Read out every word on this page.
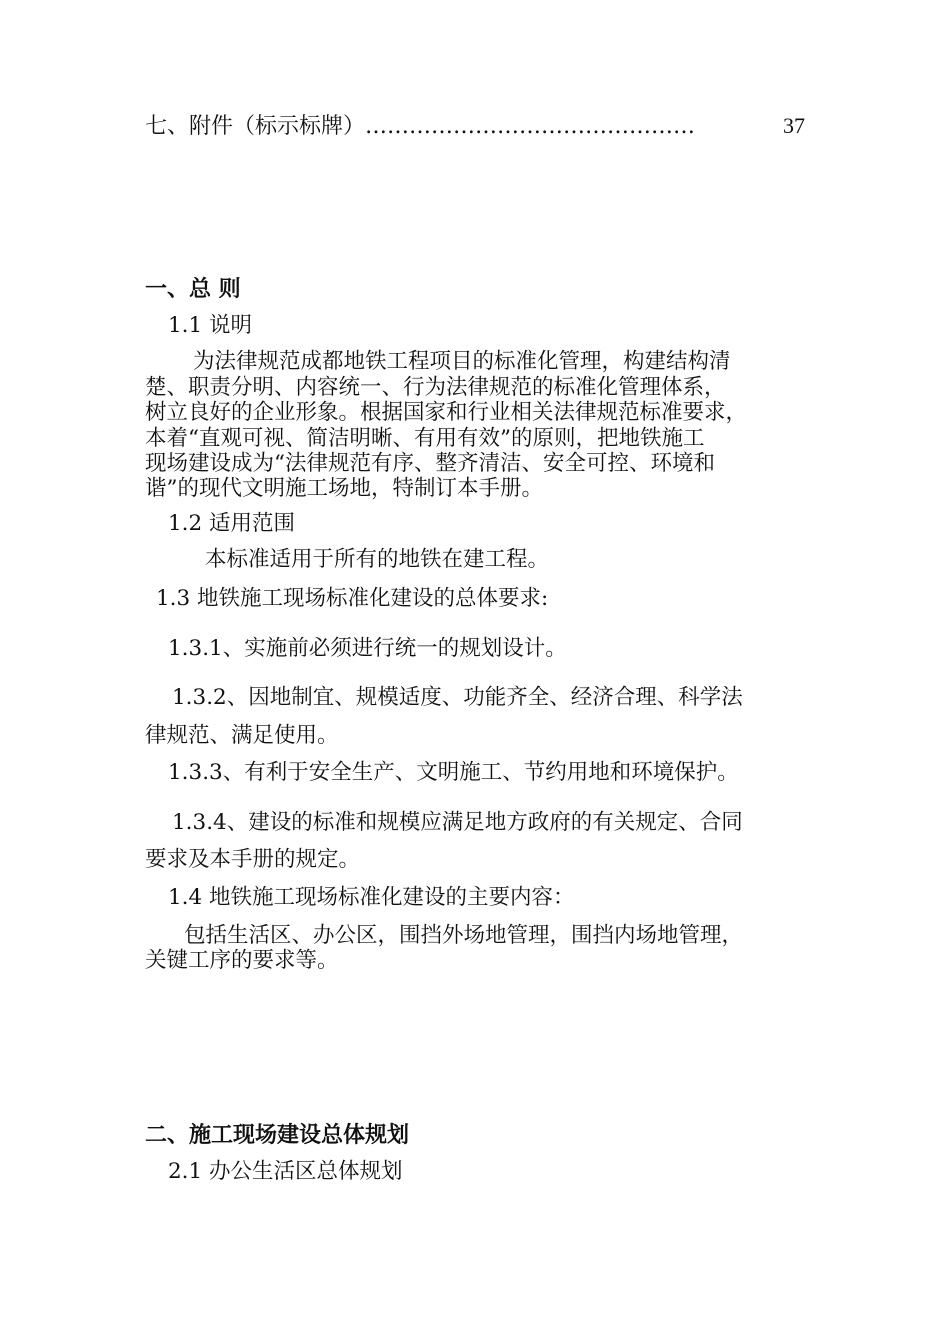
七、附件（标示标牌） ………………………………………	37
一、总 则
1.1 说明
为法律规范成都地铁工程项目的标准化管理，构建结构清
楚、职责分明、内容统一、行为法律规范的标准化管理体系，
树立良好的企业形象。根据国家和行业相关法律规范标准要求，
本着“直观可视、简洁明晰、有用有效”的原则，把地铁施工
现场建设成为“法律规范有序、整齐清洁、安全可控、环境和
谐”的现代文明施工场地，特制订本手册。
1.2 适用范围
本标准适用于所有的地铁在建工程。
1.3 地铁施工现场标准化建设的总体要求:
1.3.1、实施前必须进行统一的规划设计。
1.3.2、因地制宜、规模适度、功能齐全、经济合理、科学法
律规范、满足使用。
1.3.3、有利于安全生产、文明施工、节约用地和环境保护。
1.3.4、建设的标准和规模应满足地方政府的有关规定、合同
要求及本手册的规定。
1.4 地铁施工现场标准化建设的主要内容：
包括生活区、办公区，围挡外场地管理，围挡内场地管理，
关键工序的要求等。
二、施工现场建设总体规划
2.1 办公生活区总体规划
